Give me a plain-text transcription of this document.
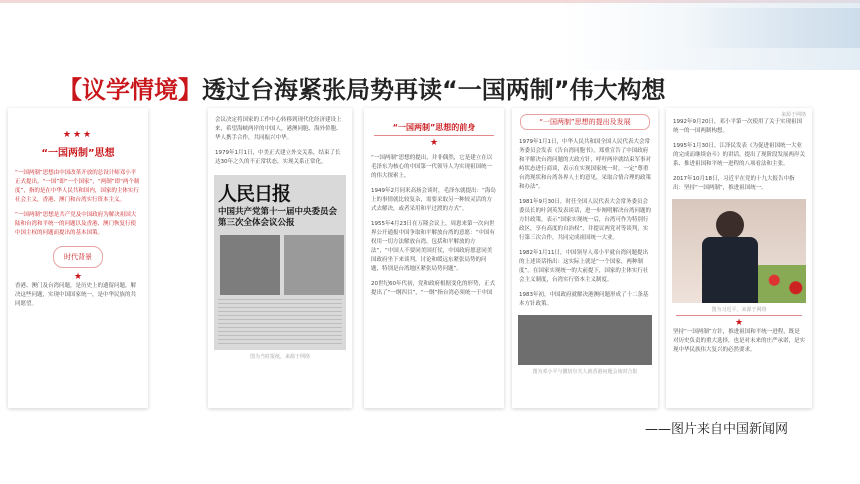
【议学情境】透过台海紧张局势再读“一国两制”伟大构想
★★★
“一国两制”思想

“一国两制”思想由中国改革开放的总设计师邓小平正式提出。“一国”即“一个国家”，“两制”即“两个制度”，指的是在中华人民共和国内，国家的主体实行社会主义，香港、澳门和台湾实行资本主义。

“一国两制”思想是共产党及中国政府为解决祖国大陆和台湾和平统一的问题以及香港、澳门恢复行使中国主权的问题而提出的基本国策。

时代背景
★

香港、澳门及台湾问题，是历史上的遗留问题，解决这些问题，实现中国国家统一，是中华民族的共同愿望。

会议决定将国家的工作中心转移到现代化经济建设上来，希望海峡两岸的中国人，港澳同胞、海外侨胞、华人携手合作，共同振兴中华。

1979年1月1日，中美正式建立外交关系，结束了长达30年之久的不正常状态，实现关系正常化。

人民日报
中国共产党第十一届中央委员会第三次全体会议公报
图为当时报纸，来源于网络
“一国两制”思想的前身
★

“一国两制”思想的提出，并非偶然，它是建立在以毛泽东为核心的中国第一代领导人为实现祖国统一的伟大探索上。

1949年2月同米高扬会谈时，毛泽东就提出：“海岛上的事情就比较复杂，需要采取另一种较灵活的方式去解决，或者采用和平过渡的方式”。

1955年4月23日在万隆会议上，周恩来第一次向世界公开通报中国争取和平解放台湾的意愿：“中国有权用一切方法解放台湾，包括和平解放的方法”，“中国人不要同美国打仗，中国政府愿意同美国政府坐下来谈判，讨论和缓远东紧张局势的问题，特别是台湾地区紧张局势问题”。

20世纪60年代初，党和政府根据变化的形势，正式提出了“一纲四目”，“一纲”指台湾必须统一于中国

“一国两制”思想的提出及发展

1979年1月1日，中华人民共和国全国人民代表大会常务委员会发表《告台湾同胞书》，郑重宣告了中国政府和平解决台湾问题的大政方针，呼吁两岸就结束军事对峙状态进行商谈，表示在实现国家统一时，一定“尊重台湾现状和台湾各界人士的意见，采取合情合理的政策和办法”。

1981年9月30日，时任全国人民代表大会常务委员会委员长的叶剑英发表谈话，进一步阐明解决台湾问题的方针政策，表示“国家实现统一后，台湾可作为特别行政区，享有高度的自治权”，并提议两党对等谈判，实行第三次合作，共同完成祖国统一大业。

1982年1月11日，中国领导人邓小平就台湾问题提出的上述谈话指出：这实际上就是“一个国家，两种制度”。在国家实现统一的大前提下，国家的主体实行社会主义制度，台湾实行资本主义制度。

1983年初，中国政府就解决港澳问题形成了十二条基本方针政策。

图为邓小平与撒切尔夫人就香港问题会谈时合影
来源于网络

1992年9月20日，邓小平第一次使用了关于实现祖国统一的一国两制构想。

1995年1月30日，江泽民发表《为促进祖国统一大业的完成而继续奋斗》的讲话，提出了现阶段发展两岸关系、推进祖国和平统一进程的八项看法和主张。

2017年10月18日，习近平在党的十九大报告中指出：坚持“一国两制”，推进祖国统一。

图为习近平，来源于网络
★

坚持“一国两制”方针，推进祖国和平统一进程，既是对历史负责的重大选择，也是对未来的庄严承诺，是实现中华民族伟大复兴的必然要求。

——图片来自中国新闻网
